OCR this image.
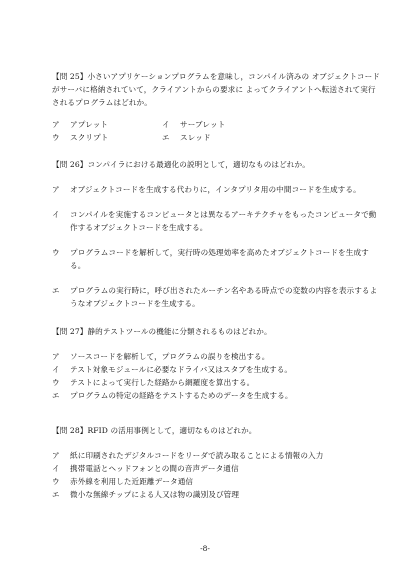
【問 25】小さいアプリケーションプログラムを意味し，コンパイル済みの オブジェクトコードがサーバに格納されていて，クライアントからの要求に よってクライアントへ転送されて実行されるプログラムはどれか。

ア アプレット	イ サーブレット

ウ スクリプト	エ スレッド

【問 26】コンパイラにおける最適化の説明として，適切なものはどれか。

ア オブジェクトコードを生成する代わりに，インタプリタ用の中間コードを生成する。

イ コンパイルを実施するコンピュータとは異なるアーキテクチャをもったコンピュータで動作するオブジェクトコードを生成する。

ウ プログラムコードを解析して，実行時の処理効率を高めたオブジェクトコードを生成する。

エ プログラムの実行時に，呼び出されたルーチン名やある時点での変数の内容を表示するようなオブジェクトコードを生成する。

【問 27】静的テストツールの機能に分類されるものはどれか。

ア ソースコードを解析して，プログラムの誤りを検出する。

イ テスト対象モジュールに必要なドライバ又はスタブを生成する。

ウ テストによって実行した経路から網羅度を算出する。

エ プログラムの特定の経路をテストするためのデータを生成する。

【問 28】RFID の活用事例として，適切なものはどれか。

ア 紙に印刷されたデジタルコードをリーダで読み取ることによる情報の入力

イ 携帯電話とヘッドフォンとの間の音声データ通信

ウ 赤外線を利用した近距離データ通信

エ 微小な無線チップによる人又は物の識別及び管理

-8-
